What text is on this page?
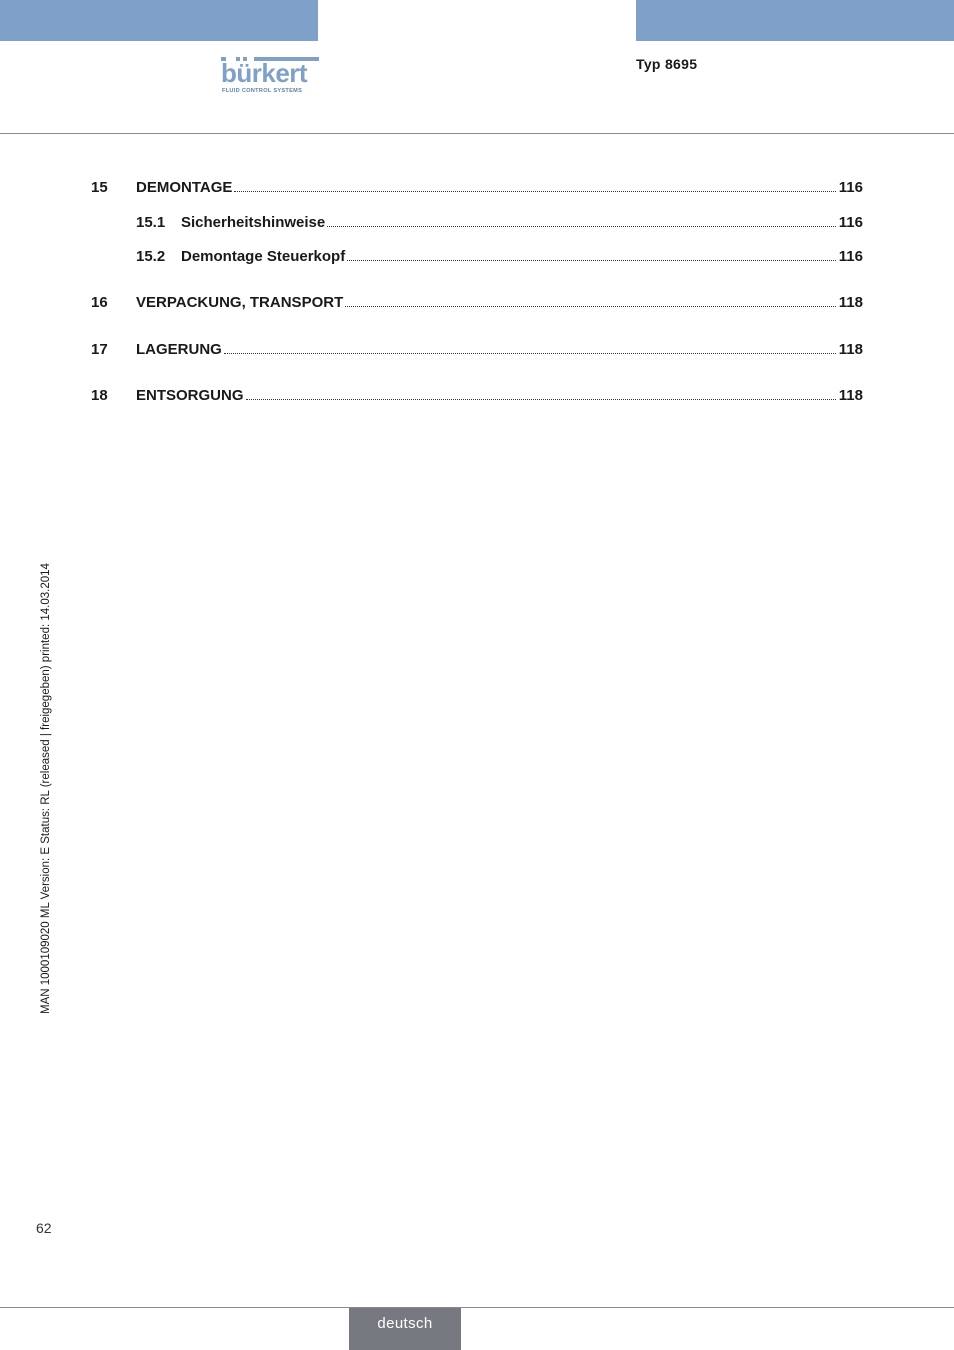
bürkert
FLUID CONTROL SYSTEMS
Typ 8695
15	DEMONTAGE	116
15.1	Sicherheitshinweise	116
15.2	Demontage Steuerkopf	116
16	VERPACKUNG, TRANSPORT	118
17	LAGERUNG	118
18	ENTSORGUNG	118
MAN 1000109020 ML Version: E Status: RL (released | freigegeben) printed: 14.03.2014
62
deutsch
